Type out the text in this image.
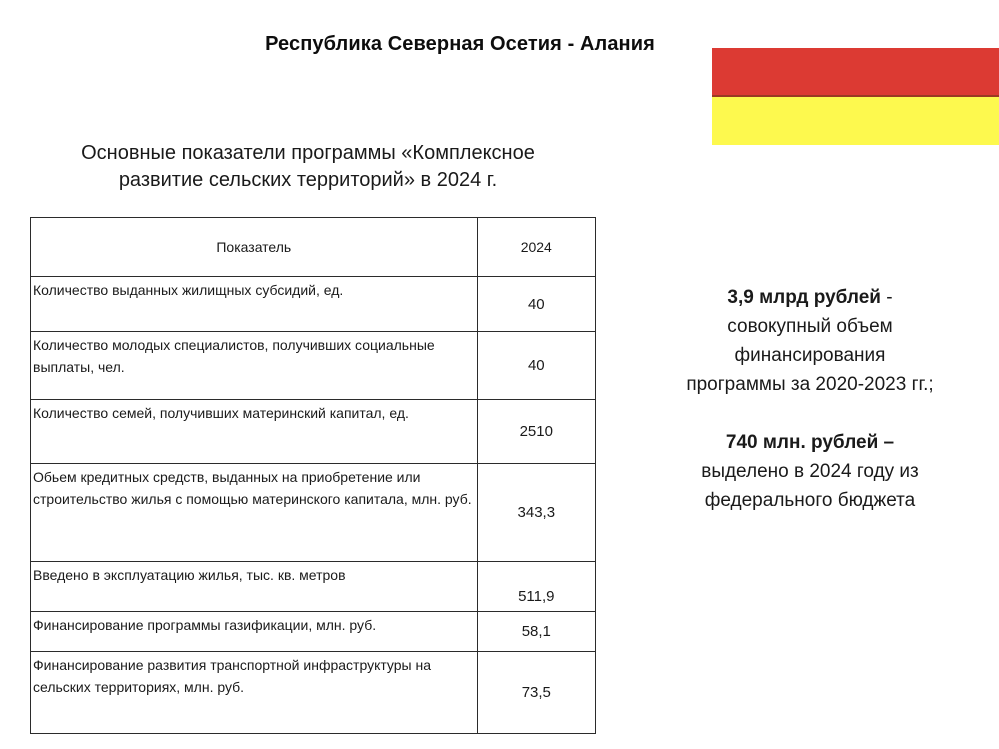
Республика Северная Осетия - Алания
Основные показатели программы «Комплексное
развитие сельских территорий» в 2024 г.
Показатель	2024
Количество выданных жилищных субсидий, ед.	40
Количество молодых специалистов, получивших социальные выплаты, чел.	40
Количество семей, получивших материнский капитал, ед.	2510
Обьем кредитных средств, выданных на приобретение или строительство жилья с помощью материнского капитала, млн. руб.	343,3
Введено в эксплуатацию жилья, тыс. кв. метров	511,9
Финансирование программы газификации, млн. руб.	58,1
Финансирование развития транспортной инфраструктуры на сельских территориях, млн. руб.	73,5
3,9 млрд рублей -
совокупный объем
финансирования
программы за 2020-2023 гг.;
740 млн. рублей –
выделено в 2024 году из
федерального бюджета
